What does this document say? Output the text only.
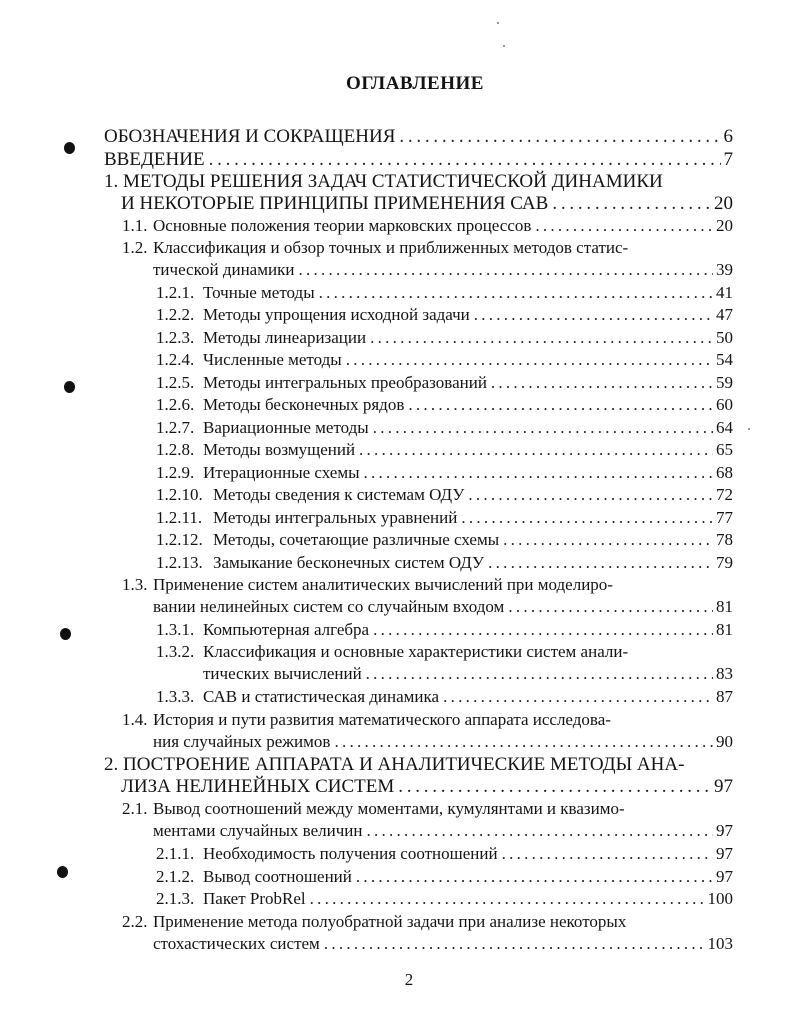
ОГЛАВЛЕНИЕ
ОБОЗНАЧЕНИЯ И СОКРАЩЕНИЯ . . .	6
ВВЕДЕНИЕ . . .	7
1. МЕТОДЫ РЕШЕНИЯ ЗАДАЧ СТАТИСТИЧЕСКОЙ ДИНАМИКИ
И НЕКОТОРЫЕ ПРИНЦИПЫ ПРИМЕНЕНИЯ САВ . . .	20
1.1. Основные положения теории марковских процессов . . .	20
1.2. Классификация и обзор точных и приближенных методов статис-
тической динамики . . .	39
1.2.1. Точные методы . . .	41
1.2.2. Методы упрощения исходной задачи . . .	47
1.2.3. Методы линеаризации . . .	50
1.2.4. Численные методы . . .	54
1.2.5. Методы интегральных преобразований . . .	59
1.2.6. Методы бесконечных рядов . . .	60
1.2.7. Вариационные методы . . .	64
1.2.8. Методы возмущений . . .	65
1.2.9. Итерационные схемы . . .	68
1.2.10. Методы сведения к системам ОДУ . . .	72
1.2.11. Методы интегральных уравнений . . .	77
1.2.12. Методы, сочетающие различные схемы . . .	78
1.2.13. Замыкание бесконечных систем ОДУ . . .	79
1.3. Применение систем аналитических вычислений при моделиро-
вании нелинейных систем со случайным входом . . .	81
1.3.1. Компьютерная алгебра . . .	81
1.3.2. Классификация и основные характеристики систем анали-
тических вычислений . . .	83
1.3.3. САВ и статистическая динамика . . .	87
1.4. История и пути развития математического аппарата исследова-
ния случайных режимов . . .	90
2. ПОСТРОЕНИЕ АППАРАТА И АНАЛИТИЧЕСКИЕ МЕТОДЫ АНА-
ЛИЗА НЕЛИНЕЙНЫХ СИСТЕМ . . .	97
2.1. Вывод соотношений между моментами, кумулянтами и квазимо-
ментами случайных величин . . .	97
2.1.1. Необходимость получения соотношений . . .	97
2.1.2. Вывод соотношений . . .	97
2.1.3. Пакет ProbRel . . .	100
2.2. Применение метода полуобратной задачи при анализе некоторых
стохастических систем . . .	103
2
